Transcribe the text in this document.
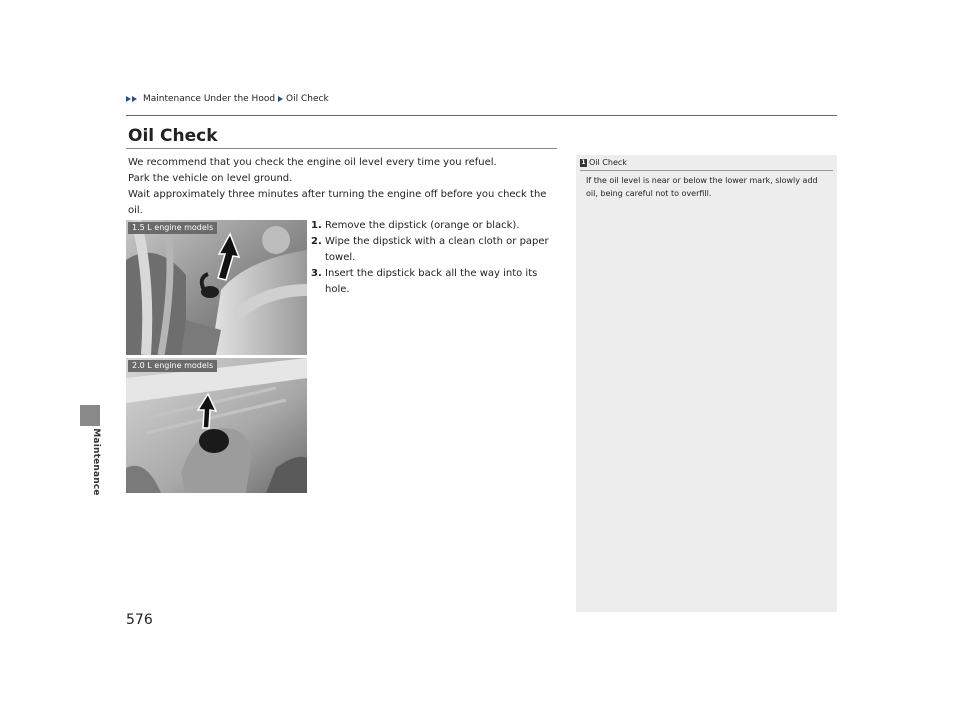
Maintenance
Maintenance Under the Hood Oil Check
Oil Check

We recommend that you check the engine oil level every time you refuel.

Park the vehicle on level ground.

Wait approximately three minutes after turning the engine off before you check the oil.

1. Remove the dipstick (orange or black).
2. Wipe the dipstick with a clean cloth or paper towel.
3. Insert the dipstick back all the way into its hole.
1.5 L engine models
2.0 L engine models
1 Oil Check
If the oil level is near or below the lower mark, slowly add oil, being careful not to overfill.
576
